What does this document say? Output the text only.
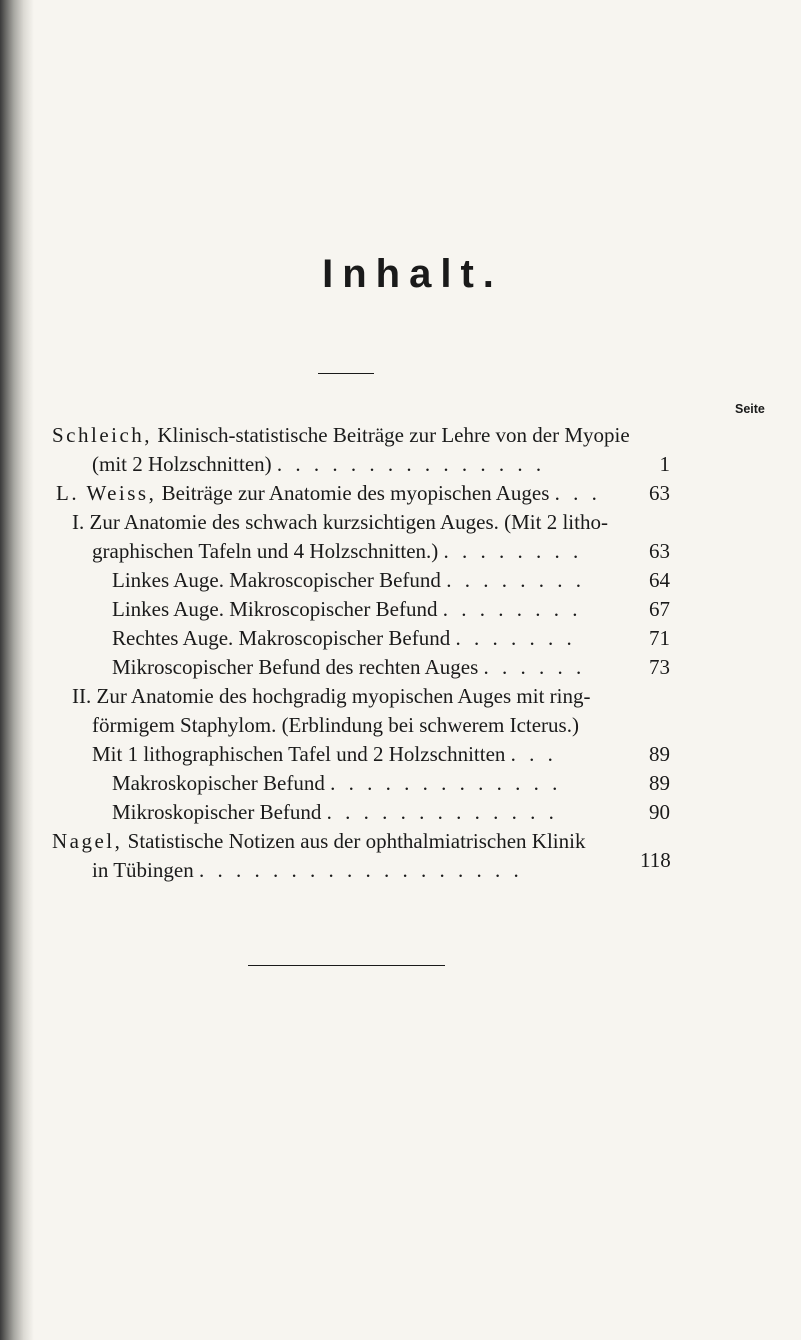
Inhalt.
Seite
Schleich, Klinisch-statistische Beiträge zur Lehre von der Myopie
(mit 2 Holzschnitten) . . . . . . . . . . . . . . .	1
L. Weiss, Beiträge zur Anatomie des myopischen Auges . . .	63
I. Zur Anatomie des schwach kurzsichtigen Auges. (Mit 2 litho-
graphischen Tafeln und 4 Holzschnitten.) . . . . . . . .	63
Linkes Auge. Makroscopischer Befund . . . . . . . .	64
Linkes Auge. Mikroscopischer Befund . . . . . . . .	67
Rechtes Auge. Makroscopischer Befund . . . . . . .	71
Mikroscopischer Befund des rechten Auges . . . . . .	73
II. Zur Anatomie des hochgradig myopischen Auges mit ring-
förmigem Staphylom. (Erblindung bei schwerem Icterus.)
Mit 1 lithographischen Tafel und 2 Holzschnitten . . .	89
Makroskopischer Befund . . . . . . . . . . . . .	89
Mikroskopischer Befund . . . . . . . . . . . . .	90
Nagel, Statistische Notizen aus der ophthalmiatrischen Klinik
in Tübingen . . . . . . . . . . . . . . . . . .	118
